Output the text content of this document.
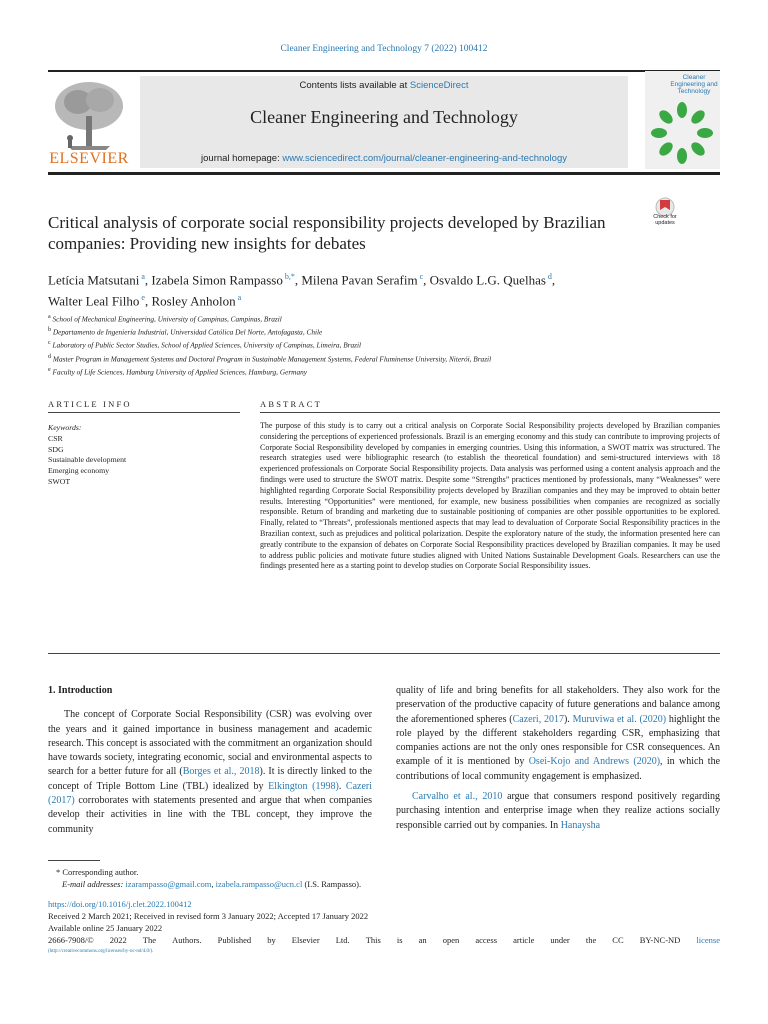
Cleaner Engineering and Technology 7 (2022) 100412
ELSEVIER
Contents lists available at ScienceDirect
Cleaner Engineering and Technology
journal homepage: www.sciencedirect.com/journal/cleaner-engineering-and-technology
Cleaner Engineering and Technology
Check for updates
Critical analysis of corporate social responsibility projects developed by Brazilian companies: Providing new insights for debates
Letícia Matsutani $^a$, Izabela Simon Rampasso $^{b,*}$, Milena Pavan Serafim $^c$, Osvaldo L.G. Quelhas $^d$,
Walter Leal Filho $^e$, Rosley Anholon $^a$
$^a$ School of Mechanical Engineering, University of Campinas, Campinas, Brazil
$^b$ Departamento de Ingeniería Industrial, Universidad Católica Del Norte, Antofagasta, Chile
$^c$ Laboratory of Public Sector Studies, School of Applied Sciences, University of Campinas, Limeira, Brazil
$^d$ Master Program in Management Systems and Doctoral Program in Sustainable Management Systems, Federal Fluminense University, Niterói, Brazil
$^e$ Faculty of Life Sciences, Hamburg University of Applied Sciences, Hamburg, Germany
ARTICLE INFO	ABSTRACT
Keywords:
CSR
SDG
Sustainable development
Emerging economy
SWOT
The purpose of this study is to carry out a critical analysis on Corporate Social Responsibility projects developed by Brazilian companies considering the perceptions of experienced professionals. Brazil is an emerging economy and this study can contribute to improving projects of Corporate Social Responsibility developed by companies in emerging countries. Using this information, a SWOT matrix was structured. The research strategies used were bibliographic research (to establish the theoretical foundation) and semi-structured interviews with 18 experienced professionals on Corporate Social Responsibility projects. Data analysis was performed using a content analysis approach and the findings were used to structure the SWOT matrix. Despite some “Strengths” practices mentioned by professionals, many “Weaknesses” were highlighted regarding Corporate Social Responsibility projects developed by Brazilian companies and they may be improved to obtain better results. Interesting “Opportunities” were mentioned, for example, new business possibilities when companies are recognized as socially responsible. Return of branding and marketing due to sustainable positioning of companies are other possible opportunities to be explored. Finally, related to “Threats”, professionals mentioned aspects that may lead to devaluation of Corporate Social Responsibility practices in the Brazilian context, such as prejudices and political polarization. Despite the exploratory nature of the study, the information presented here can greatly contribute to the expansion of debates on Corporate Social Responsibility practices developed by Brazilian companies. It may be used to address public policies and motivate future studies aligned with United Nations Sustainable Development Goals. Researchers can use the findings presented here as a starting point to develop studies on Corporate Social Responsibility issues.

1. Introduction

The concept of Corporate Social Responsibility (CSR) was evolving over the years and it gained importance in business management and academic research. This concept is associated with the commitment an organization should have towards society, integrating economic, social and environmental aspects to search for a better future for all (Borges et al., 2018). It is directly linked to the concept of Triple Bottom Line (TBL) idealized by Elkington (1998). Cazeri (2017) corroborates with statements presented and argue that when companies develop their activities in line with the TBL concept, they improve the community

quality of life and bring benefits for all stakeholders. They also work for the preservation of the productive capacity of future generations and balance among the aforementioned spheres (Cazeri, 2017). Muruviwa et al. (2020) highlight the role played by the different stakeholders regarding CSR, emphasizing that companies actions are not the only ones responsible for CSR consequences. An example of it is mentioned by Osei-Kojo and Andrews (2020), in which the contributions of local community engagement is emphasized.

Carvalho et al., 2010 argue that consumers respond positively regarding purchasing intention and enterprise image when they realize actions socially responsible carried out by companies. In Hanaysha

* Corresponding author.
E-mail addresses: izarampasso@gmail.com, izabela.rampasso@ucn.cl (I.S. Rampasso).
https://doi.org/10.1016/j.clet.2022.100412
Received 2 March 2021; Received in revised form 3 January 2022; Accepted 17 January 2022
Available online 25 January 2022
2666-7908/© 2022 The Authors. Published by Elsevier Ltd. This is an open access article under the CC BY-NC-ND license
(http://creativecommons.org/licenses/by-nc-nd/4.0/).
